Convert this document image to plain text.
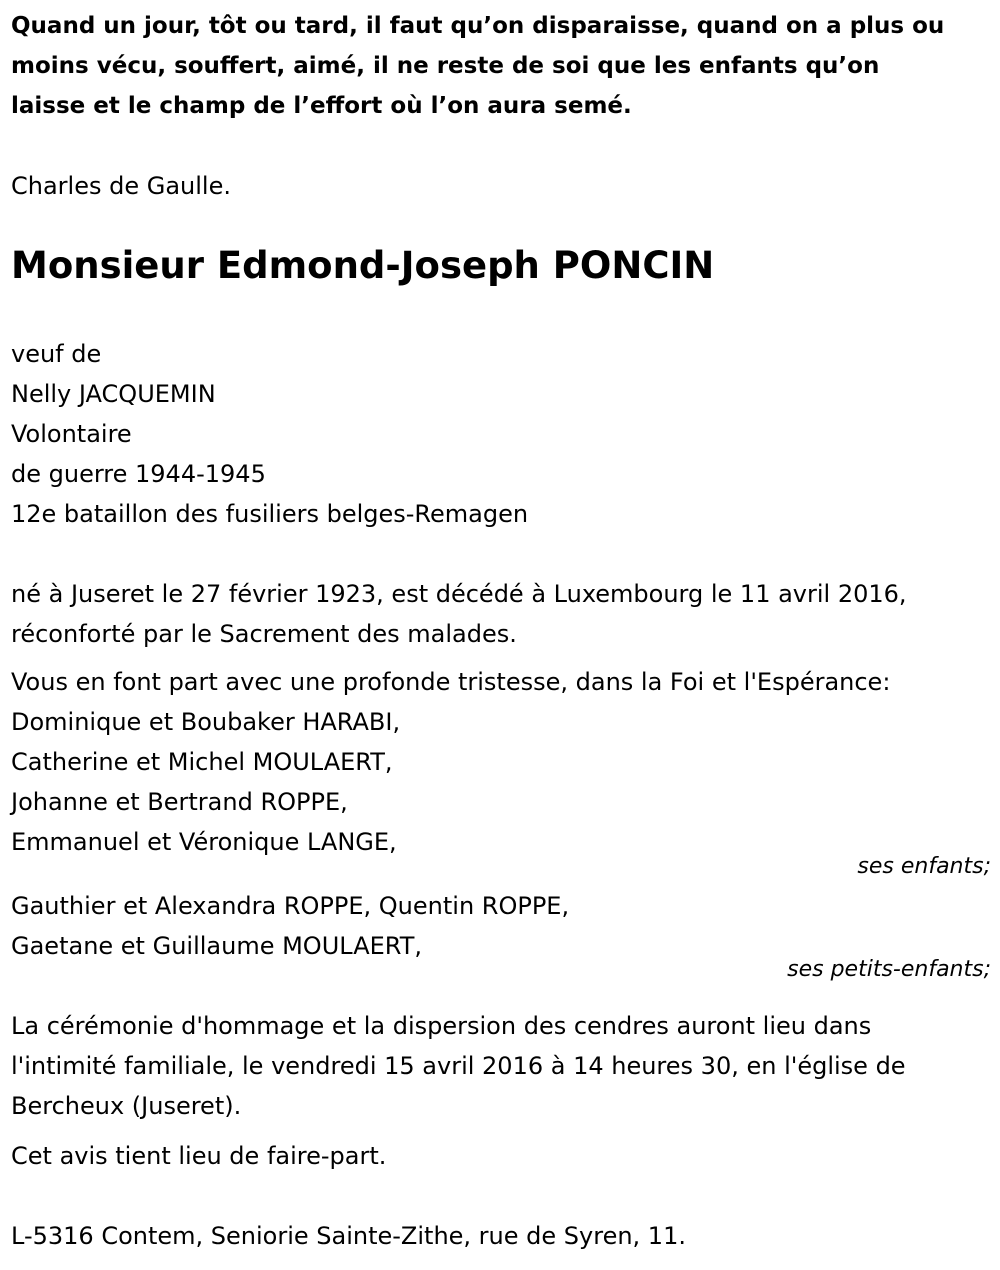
Quand un jour, tôt ou tard, il faut qu’on disparaisse, quand on a plus ou
moins vécu, souffert, aimé, il ne reste de soi que les enfants qu’on
laisse et le champ de l’effort où l’on aura semé.
Charles de Gaulle.
Monsieur Edmond-Joseph PONCIN
veuf de
Nelly JACQUEMIN
Volontaire
de guerre 1944-1945
12e bataillon des fusiliers belges-Remagen
né à Juseret le 27 février 1923, est décédé à Luxembourg le 11 avril 2016,
réconforté par le Sacrement des malades.
Vous en font part avec une profonde tristesse, dans la Foi et l'Espérance:
Dominique et Boubaker HARABI,
Catherine et Michel MOULAERT,
Johanne et Bertrand ROPPE,
Emmanuel et Véronique LANGE,
ses enfants;
Gauthier et Alexandra ROPPE, Quentin ROPPE,
Gaetane et Guillaume MOULAERT,
ses petits-enfants;
La cérémonie d'hommage et la dispersion des cendres auront lieu dans
l'intimité familiale, le vendredi 15 avril 2016 à 14 heures 30, en l'église de
Bercheux (Juseret).
Cet avis tient lieu de faire-part.
L-5316 Contem, Seniorie Sainte-Zithe, rue de Syren, 11.
